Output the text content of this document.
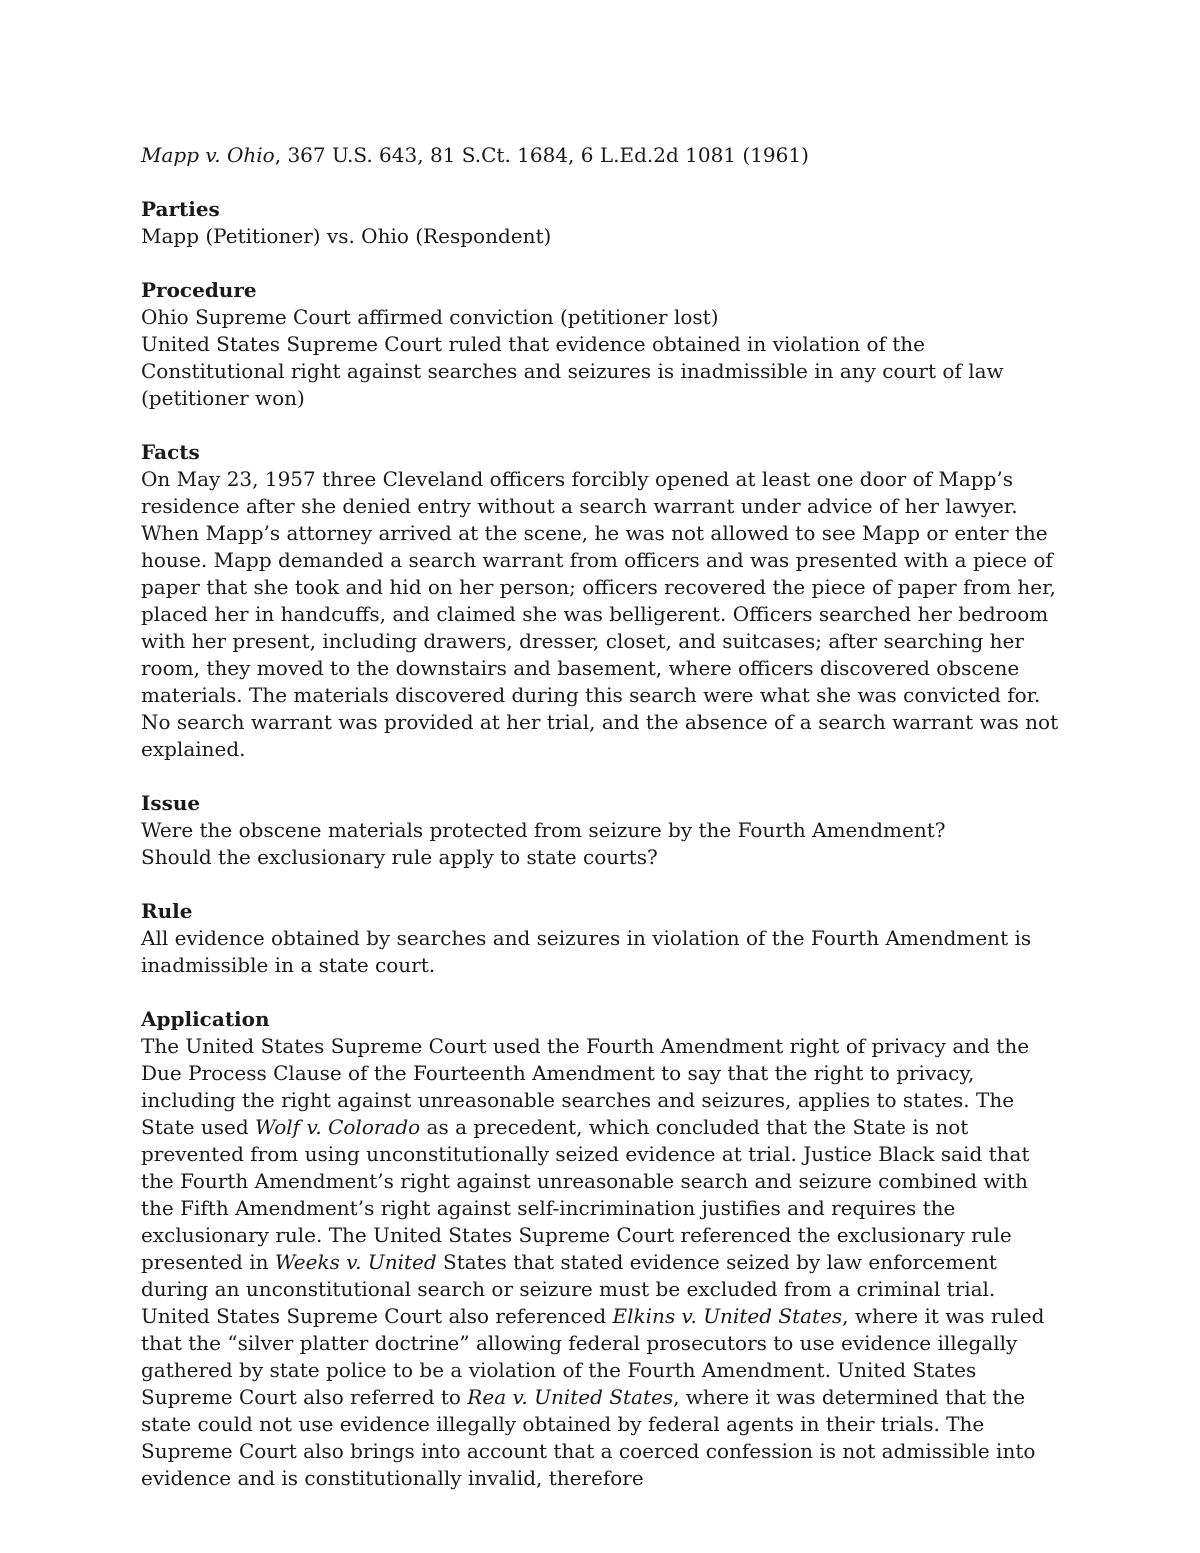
Mapp v. Ohio, 367 U.S. 643, 81 S.Ct. 1684, 6 L.Ed.2d 1081 (1961)

Parties

Mapp (Petitioner) vs. Ohio (Respondent)

Procedure

Ohio Supreme Court affirmed conviction (petitioner lost)

United States Supreme Court ruled that evidence obtained in violation of the Constitutional right against searches and seizures is inadmissible in any court of law (petitioner won)

Facts

On May 23, 1957 three Cleveland officers forcibly opened at least one door of Mapp’s residence after she denied entry without a search warrant under advice of her lawyer. When Mapp’s attorney arrived at the scene, he was not allowed to see Mapp or enter the house. Mapp demanded a search warrant from officers and was presented with a piece of paper that she took and hid on her person; officers recovered the piece of paper from her, placed her in handcuffs, and claimed she was belligerent. Officers searched her bedroom with her present, including drawers, dresser, closet, and suitcases; after searching her room, they moved to the downstairs and basement, where officers discovered obscene materials. The materials discovered during this search were what she was convicted for. No search warrant was provided at her trial, and the absence of a search warrant was not explained.

Issue

Were the obscene materials protected from seizure by the Fourth Amendment?

Should the exclusionary rule apply to state courts?

Rule

All evidence obtained by searches and seizures in violation of the Fourth Amendment is inadmissible in a state court.

Application

The United States Supreme Court used the Fourth Amendment right of privacy and the Due Process Clause of the Fourteenth Amendment to say that the right to privacy, including the right against unreasonable searches and seizures, applies to states. The State used Wolf v. Colorado as a precedent, which concluded that the State is not prevented from using unconstitutionally seized evidence at trial. Justice Black said that the Fourth Amendment’s right against unreasonable search and seizure combined with the Fifth Amendment’s right against self-incrimination justifies and requires the exclusionary rule. The United States Supreme Court referenced the exclusionary rule presented in Weeks v. United States that stated evidence seized by law enforcement during an unconstitutional search or seizure must be excluded from a criminal trial. United States Supreme Court also referenced Elkins v. United States, where it was ruled that the “silver platter doctrine” allowing federal prosecutors to use evidence illegally gathered by state police to be a violation of the Fourth Amendment. United States Supreme Court also referred to Rea v. United States, where it was determined that the state could not use evidence illegally obtained by federal agents in their trials. The Supreme Court also brings into account that a coerced confession is not admissible into evidence and is constitutionally invalid, therefore
